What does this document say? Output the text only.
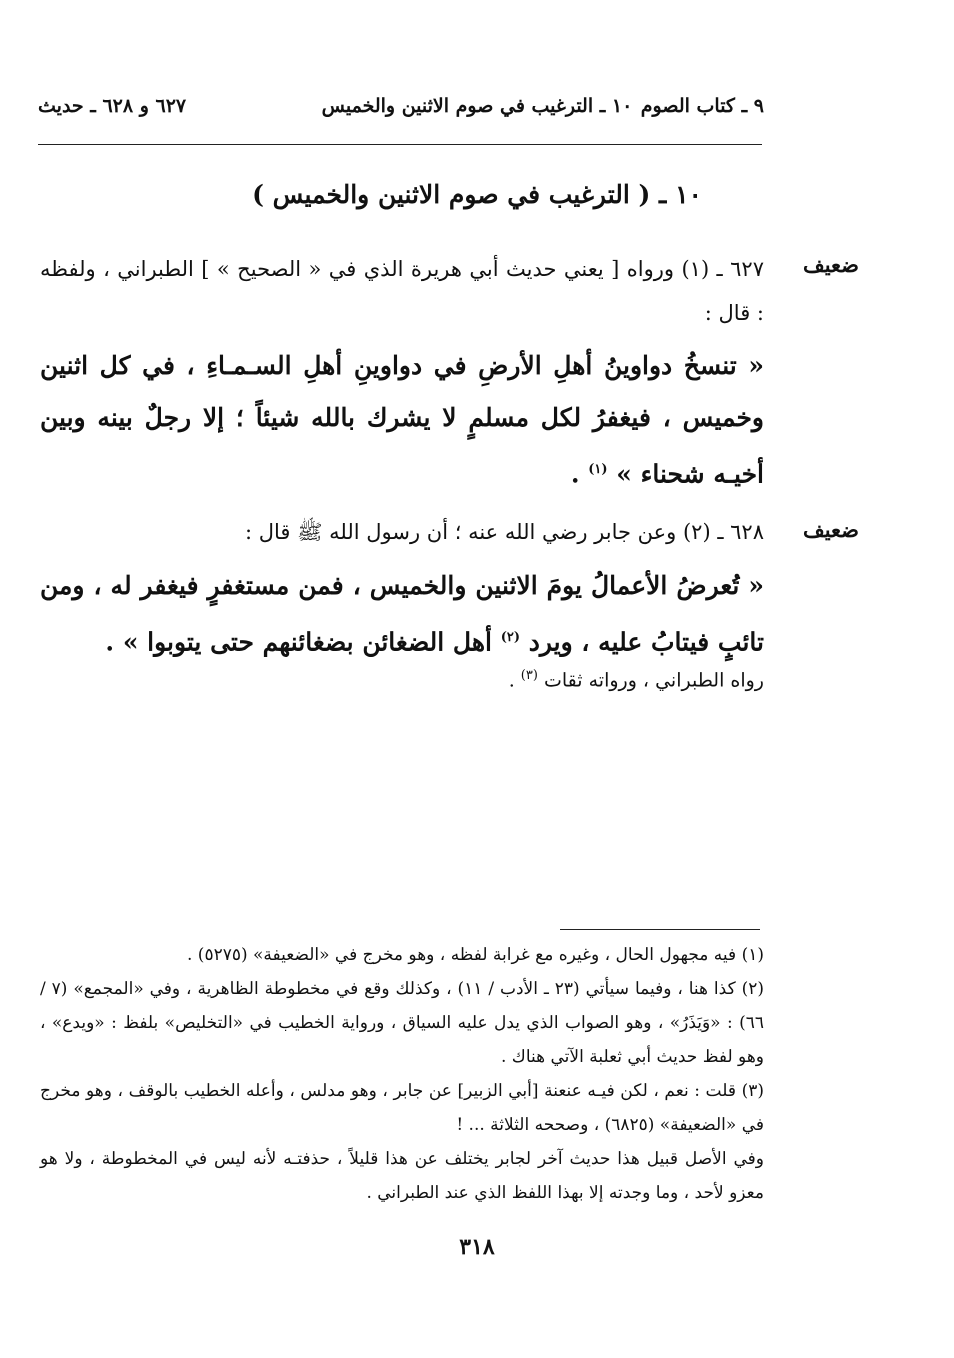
٩ ـ كتاب الصوم
١٠ ـ الترغيب في صوم الاثنين والخميس
٦٢٧ و ٦٢٨ ـ حديث
١٠ ـ ( الترغيب في صوم الاثنين والخميس )
ضعيف
٦٢٧ ـ (١) ورواه [ يعني حديث أبي هريرة الذي في « الصحيح » ] الطبراني ، ولفظه : قال :
« تنسخُ دواوينُ أهلِ الأرضِ في دواوينِ أهلِ السـمـاءِ ، في كل اثنين وخميس ، فيغفرُ لكل مسلمٍ لا يشرك بالله شيئاً ؛ إلا رجلٌ بينه وبين أخيـه شحناء » $^{(١)}$ .
ضعيف
٦٢٨ ـ (٢) وعن جابر رضي الله عنه ؛ أن رسول الله ﷺ قال :
« تُعرضُ الأعمالُ يومَ الاثنين والخميس ، فمن مستغفرٍ فيغفر له ، ومن تائبٍ فيتابُ عليه ، ويرد $^{(٢)}$ أهل الضغائن بضغائنهم حتى يتوبوا » .
رواه الطبراني ، ورواته ثقات $^{(٣)}$ .

(١) فيه مجهول الحال ، وغيره مع غرابة لفظه ، وهو مخرج في «الضعيفة» (٥٢٧٥) .

(٢) كذا هنا ، وفيما سيأتي (٢٣ ـ الأدب / ١١) ، وكذلك وقع في مخطوطة الظاهرية ، وفي «المجمع» (٧ / ٦٦) : «وَيَذَرُ» ، وهو الصواب الذي يدل عليه السياق ، ورواية الخطيب في «التخليص» بلفظ : «ويدع» ، وهو لفظ حديث أبي ثعلبة الآتي هناك .

(٣) قلت : نعم ، لكن فيـه عنعنة [أبي الزبير] عن جابر ، وهو مدلس ، وأعله الخطيب بالوقف ، وهو مخرج في «الضعيفة» (٦٨٢٥) ، وصححه الثلاثة ... !

وفي الأصل قبيل هذا حديث آخر لجابر يختلف عن هذا قليلاً ، حذفتـه لأنه ليس في المخطوطة ، ولا هو معزو لأحد ، وما وجدته إلا بهذا اللفظ الذي عند الطبراني .

٣١٨
